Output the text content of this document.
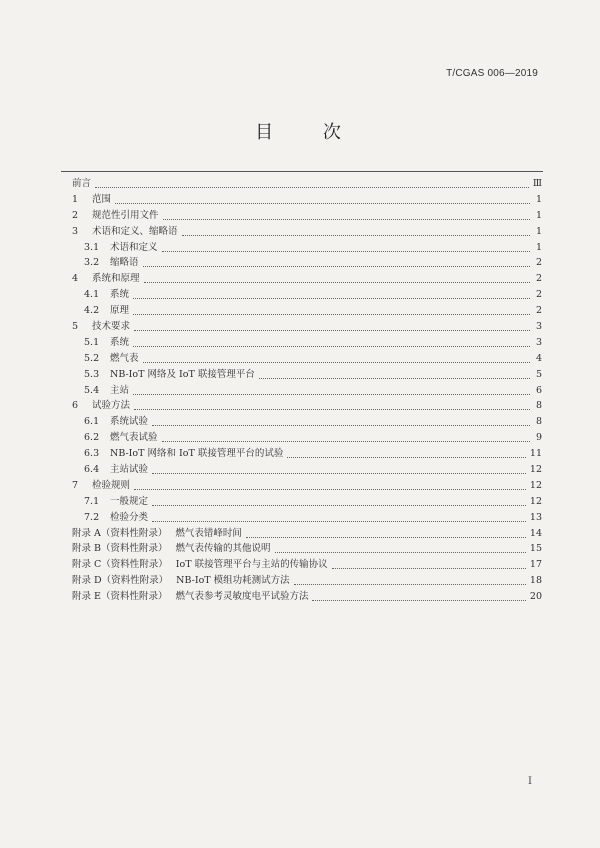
T/CGAS 006—2019
目 次
前言	Ⅲ
1	范围	1
2	规范性引用文件	1
3	术语和定义、缩略语	1
3.1	术语和定义	1
3.2	缩略语	2
4	系统和原理	2
4.1	系统	2
4.2	原理	2
5	技术要求	3
5.1	系统	3
5.2	燃气表	4
5.3	NB-IoT 网络及 IoT 联接管理平台	5
5.4	主站	6
6	试验方法	8
6.1	系统试验	8
6.2	燃气表试验	9
6.3	NB-IoT 网络和 IoT 联接管理平台的试验	11
6.4	主站试验	12
7	检验规则	12
7.1	一般规定	12
7.2	检验分类	13
附录 A（资料性附录） 燃气表错峰时间	14
附录 B（资料性附录） 燃气表传输的其他说明	15
附录 C（资料性附录） IoT 联接管理平台与主站的传输协议	17
附录 D（资料性附录） NB-IoT 模组功耗测试方法	18
附录 E（资料性附录） 燃气表参考灵敏度电平试验方法	20
I
